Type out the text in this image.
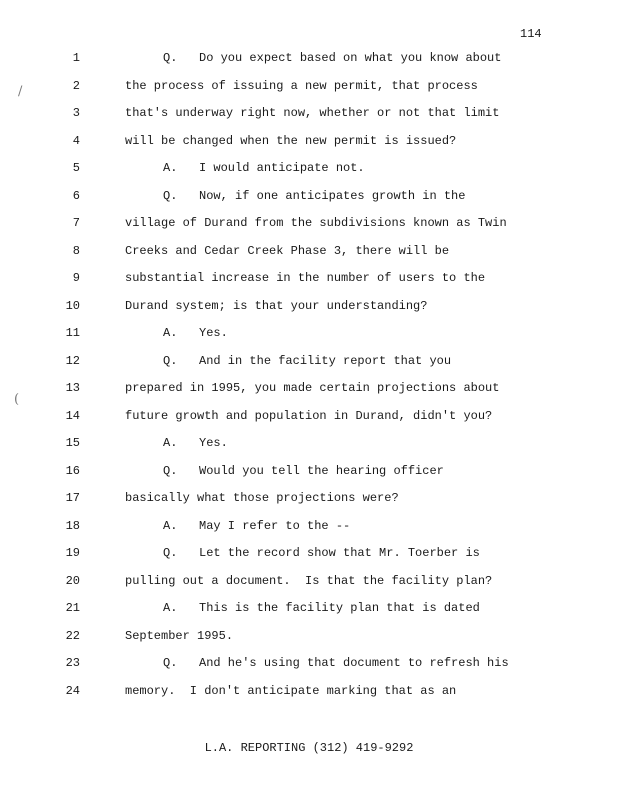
114
/
(
1	Q.   Do you expect based on what you know about
2	the process of issuing a new permit, that process
3	that's underway right now, whether or not that limit
4	will be changed when the new permit is issued?
5	A.   I would anticipate not.
6	Q.   Now, if one anticipates growth in the
7	village of Durand from the subdivisions known as Twin
8	Creeks and Cedar Creek Phase 3, there will be
9	substantial increase in the number of users to the
10	Durand system; is that your understanding?
11	A.   Yes.
12	Q.   And in the facility report that you
13	prepared in 1995, you made certain projections about
14	future growth and population in Durand, didn't you?
15	A.   Yes.
16	Q.   Would you tell the hearing officer
17	basically what those projections were?
18	A.   May I refer to the --
19	Q.   Let the record show that Mr. Toerber is
20	pulling out a document.  Is that the facility plan?
21	A.   This is the facility plan that is dated
22	September 1995.
23	Q.   And he's using that document to refresh his
24	memory.  I don't anticipate marking that as an
L.A. REPORTING (312) 419-9292
